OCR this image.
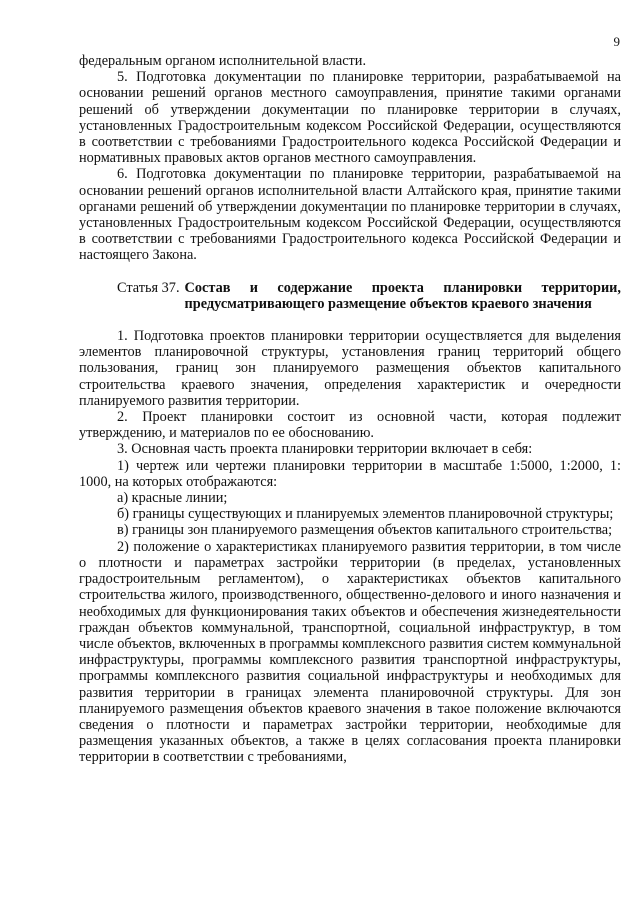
9

федеральным органом исполнительной власти.

5. Подготовка документации по планировке территории, разрабатываемой на основании решений органов местного самоуправления, принятие такими органами решений об утверждении документации по планировке территории в случаях, установленных Градостроительным кодексом Российской Федерации, осуществляются в соответствии с требованиями Градостроительного кодекса Российской Федерации и нормативных правовых актов органов местного самоуправления.

6. Подготовка документации по планировке территории, разрабатываемой на основании решений органов исполнительной власти Алтайского края, принятие такими органами решений об утверждении документации по планировке территории в случаях, установленных Градостроительным кодексом Российской Федерации, осуществляются в соответствии с требованиями Градостроительного кодекса Российской Федерации и настоящего Закона.

Статья 37. Состав и содержание проекта планировки территории, предусматривающего размещение объектов краевого значения

1. Подготовка проектов планировки территории осуществляется для выделения элементов планировочной структуры, установления границ территорий общего пользования, границ зон планируемого размещения объектов капитального строительства краевого значения, определения характеристик и очередности планируемого развития территории.

2. Проект планировки состоит из основной части, которая подлежит утверждению, и материалов по ее обоснованию.

3. Основная часть проекта планировки территории включает в себя:

1) чертеж или чертежи планировки территории в масштабе 1:5000, 1:2000, 1: 1000, на которых отображаются:

а) красные линии;

б) границы существующих и планируемых элементов планировочной структуры;

в) границы зон планируемого размещения объектов капитального строительства;

2) положение о характеристиках планируемого развития территории, в том числе о плотности и параметрах застройки территории (в пределах, установленных градостроительным регламентом), о характеристиках объектов капитального строительства жилого, производственного, общественно-делового и иного назначения и необходимых для функционирования таких объектов и обеспечения жизнедеятельности граждан объектов коммунальной, транспортной, социальной инфраструктур, в том числе объектов, включенных в программы комплексного развития систем коммунальной инфраструктуры, программы комплексного развития транспортной инфраструктуры, программы комплексного развития социальной инфраструктуры и необходимых для развития территории в границах элемента планировочной структуры. Для зон планируемого размещения объектов краевого значения в такое положение включаются сведения о плотности и параметрах застройки территории, необходимые для размещения указанных объектов, а также в целях согласования проекта планировки территории в соответствии с требованиями,
